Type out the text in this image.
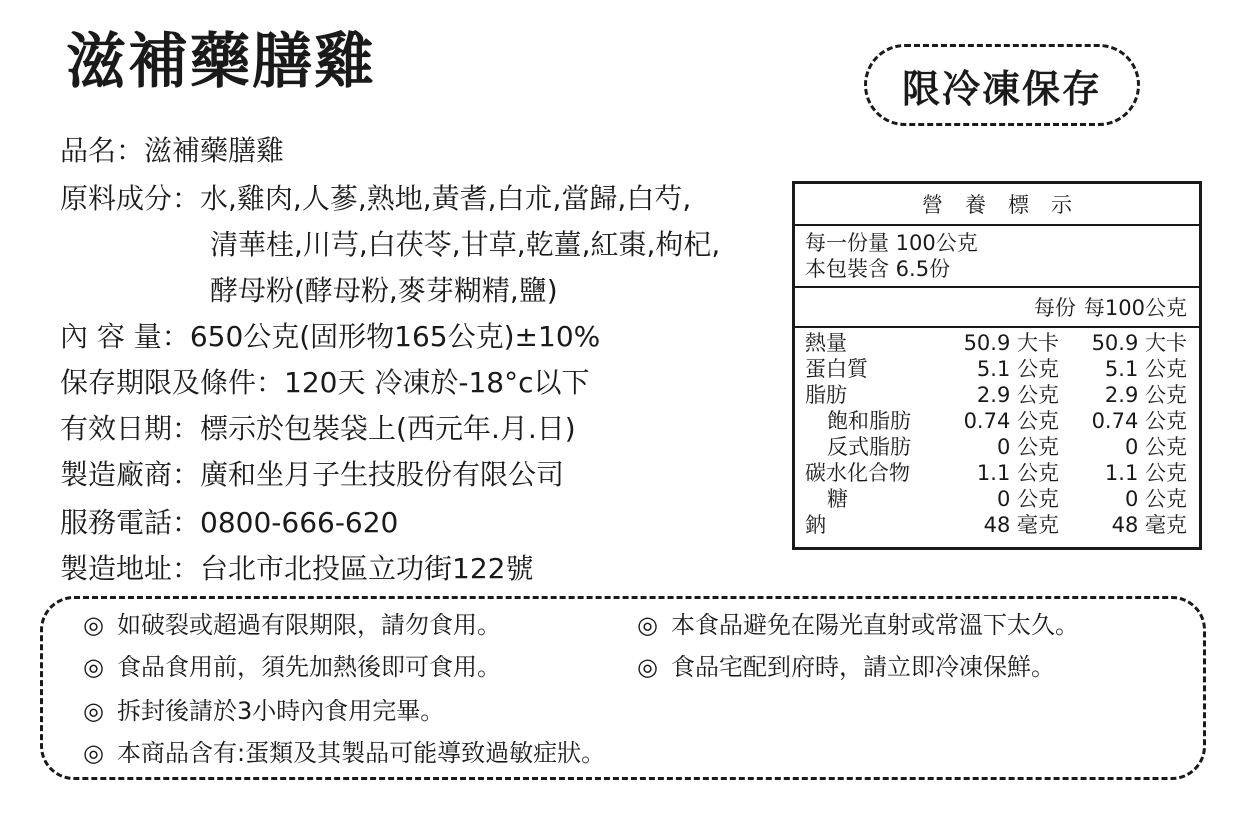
滋補藥膳雞	限冷凍保存
品名：滋補藥膳雞
原料成分：水,雞肉,人蔘,熟地,黃耆,白朮,當歸,白芍,
清華桂,川芎,白茯苓,甘草,乾薑,紅棗,枸杞,
酵母粉(酵母粉,麥芽糊精,鹽)
內 容 量：650公克(固形物165公克)±10%
保存期限及條件：120天 冷凍於-18°c以下
有效日期：標示於包裝袋上(西元年.月.日)
製造廠商：廣和坐月子生技股份有限公司
服務電話：0800-666-620
製造地址：台北市北投區立功街122號
營養標示
每一份量 100公克
本包裝含 6.5份
每份 每100公克
熱量	50.9 大卡	50.9 大卡
蛋白質	5.1 公克	5.1 公克
脂肪	2.9 公克	2.9 公克
飽和脂肪	0.74 公克	0.74 公克
反式脂肪	0 公克	0 公克
碳水化合物	1.1 公克	1.1 公克
糖	0 公克	0 公克
鈉	48 毫克	48 毫克
◎ 如破裂或超過有限期限，請勿食用。	◎ 本食品避免在陽光直射或常溫下太久。
◎ 食品食用前，須先加熱後即可食用。	◎ 食品宅配到府時，請立即冷凍保鮮。
◎ 拆封後請於3小時內食用完畢。
◎ 本商品含有:蛋類及其製品可能導致過敏症狀。
